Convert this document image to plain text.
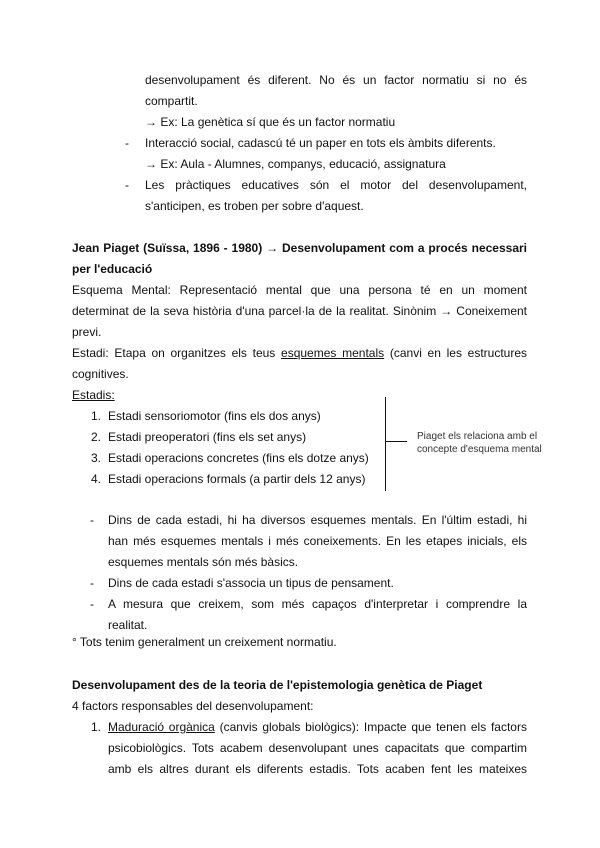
desenvolupament és diferent. No és un factor normatiu si no és
compartit.
→ Ex: La genètica sí que és un factor normatiu
-	Interacció social, cadascú té un paper en tots els àmbits diferents.
→ Ex: Aula - Alumnes, companys, educació, assignatura
-	Les pràctiques educatives són el motor del desenvolupament,
s'anticipen, es troben per sobre d'aquest.
Jean Piaget (Suïssa, 1896 - 1980) → Desenvolupament com a procés necessari
per l'educació
Esquema Mental: Representació mental que una persona té en un moment
determinat de la seva història d'una parcel·la de la realitat. Sinònim → Coneixement
previ.
Estadi: Etapa on organitzes els teus esquemes mentals (canvi en les estructures
cognitives.
Estadis:
1. Estadi sensoriomotor (fins els dos anys)
2. Estadi preoperatori (fins els set anys)
3. Estadi operacions concretes (fins els dotze anys)
4. Estadi operacions formals (a partir dels 12 anys)
Piaget els relaciona amb el
concepte d'esquema mental
-	Dins de cada estadi, hi ha diversos esquemes mentals. En l'últim estadi, hi
han més esquemes mentals i més coneixements. En les etapes inicials, els
esquemes mentals són més bàsics.
-	Dins de cada estadi s'associa un tipus de pensament.
-	A mesura que creixem, som més capaços d'interpretar i comprendre la
realitat.
° Tots tenim generalment un creixement normatiu.
Desenvolupament des de la teoria de l'epistemologia genètica de Piaget
4 factors responsables del desenvolupament:
1. Maduració orgànica (canvis globals biològics): Impacte que tenen els factors
psicobiològics. Tots acabem desenvolupant unes capacitats que compartim
amb els altres durant els diferents estadis. Tots acaben fent les mateixes
